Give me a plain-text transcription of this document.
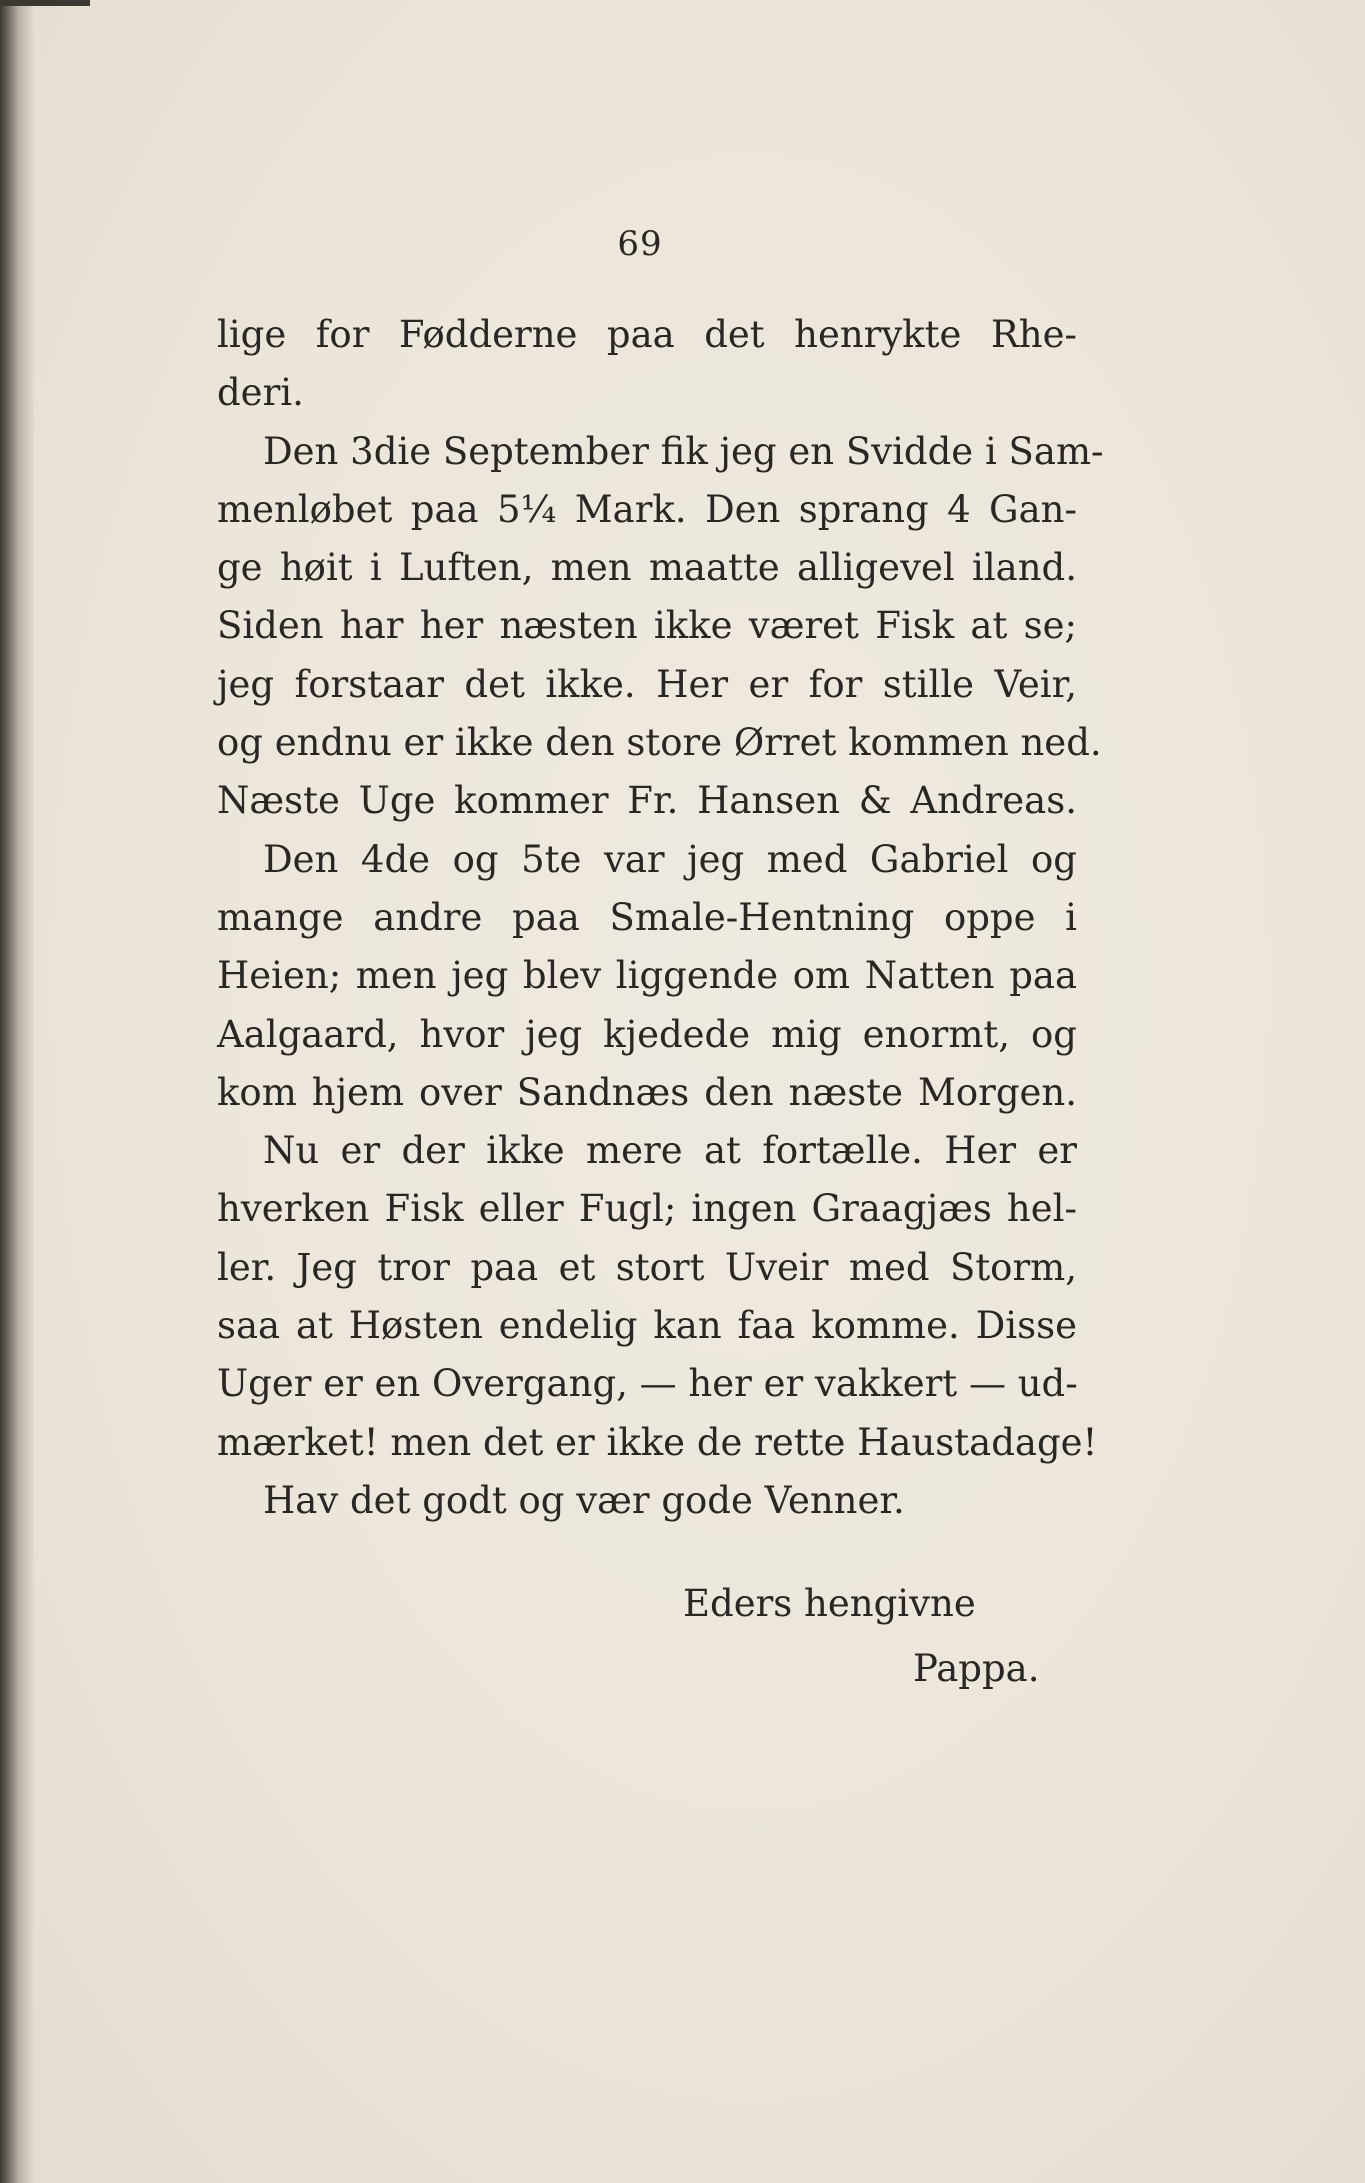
69
lige for Fødderne paa det henrykte Rhe-
deri.
Den 3die September fik jeg en Svidde i Sam-
menløbet paa 5¼ Mark. Den sprang 4 Gan-
ge høit i Luften, men maatte alligevel iland.
Siden har her næsten ikke været Fisk at se;
jeg forstaar det ikke. Her er for stille Veir,
og endnu er ikke den store Ørret kommen ned.
Næste Uge kommer Fr. Hansen & Andreas.
Den 4de og 5te var jeg med Gabriel og
mange andre paa Smale-Hentning oppe i
Heien; men jeg blev liggende om Natten paa
Aalgaard, hvor jeg kjedede mig enormt, og
kom hjem over Sandnæs den næste Morgen.
Nu er der ikke mere at fortælle. Her er
hverken Fisk eller Fugl; ingen Graagjæs hel-
ler. Jeg tror paa et stort Uveir med Storm,
saa at Høsten endelig kan faa komme. Disse
Uger er en Overgang, — her er vakkert — ud-
mærket! men det er ikke de rette Haustadage!
Hav det godt og vær gode Venner.
Eders hengivne
Pappa.
